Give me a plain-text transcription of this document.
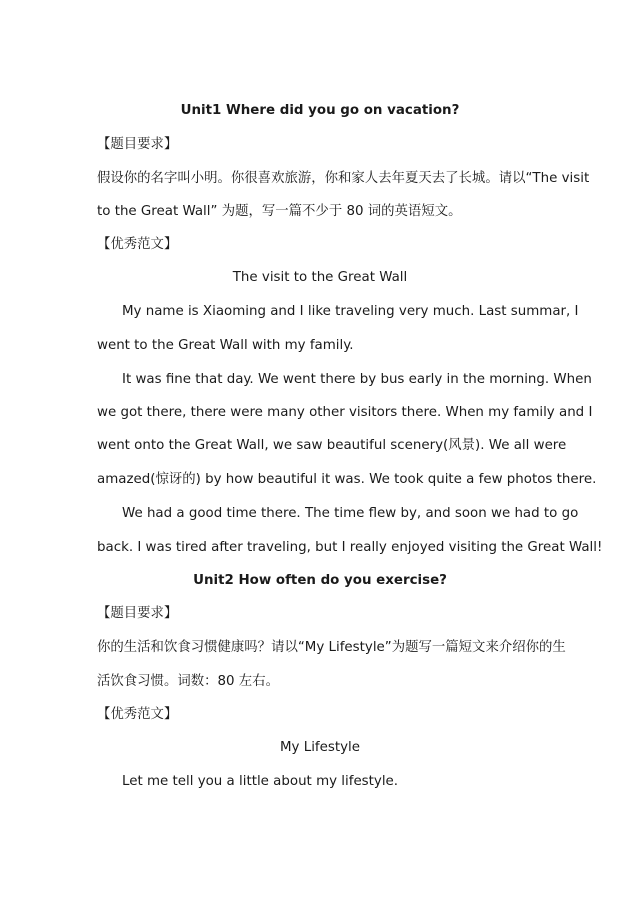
Unit1 Where did you go on vacation?
【题目要求】
假设你的名字叫小明。你很喜欢旅游，你和家人去年夏天去了长城。请以“The visit
to the Great Wall” 为题，写一篇不少于 80 词的英语短文。
【优秀范文】
The visit to the Great Wall
My name is Xiaoming and I like traveling very much. Last summar, I
went to the Great Wall with my family.
It was fine that day. We went there by bus early in the morning. When
we got there, there were many other visitors there. When my family and I
went onto the Great Wall, we saw beautiful scenery(风景). We all were
amazed(惊讶的) by how beautiful it was. We took quite a few photos there.
We had a good time there. The time flew by, and soon we had to go
back. I was tired after traveling, but I really enjoyed visiting the Great Wall!
Unit2 How often do you exercise?
【题目要求】
你的生活和饮食习惯健康吗？请以“My Lifestyle”为题写一篇短文来介绍你的生
活饮食习惯。词数：80 左右。
【优秀范文】
My Lifestyle
Let me tell you a little about my lifestyle.
